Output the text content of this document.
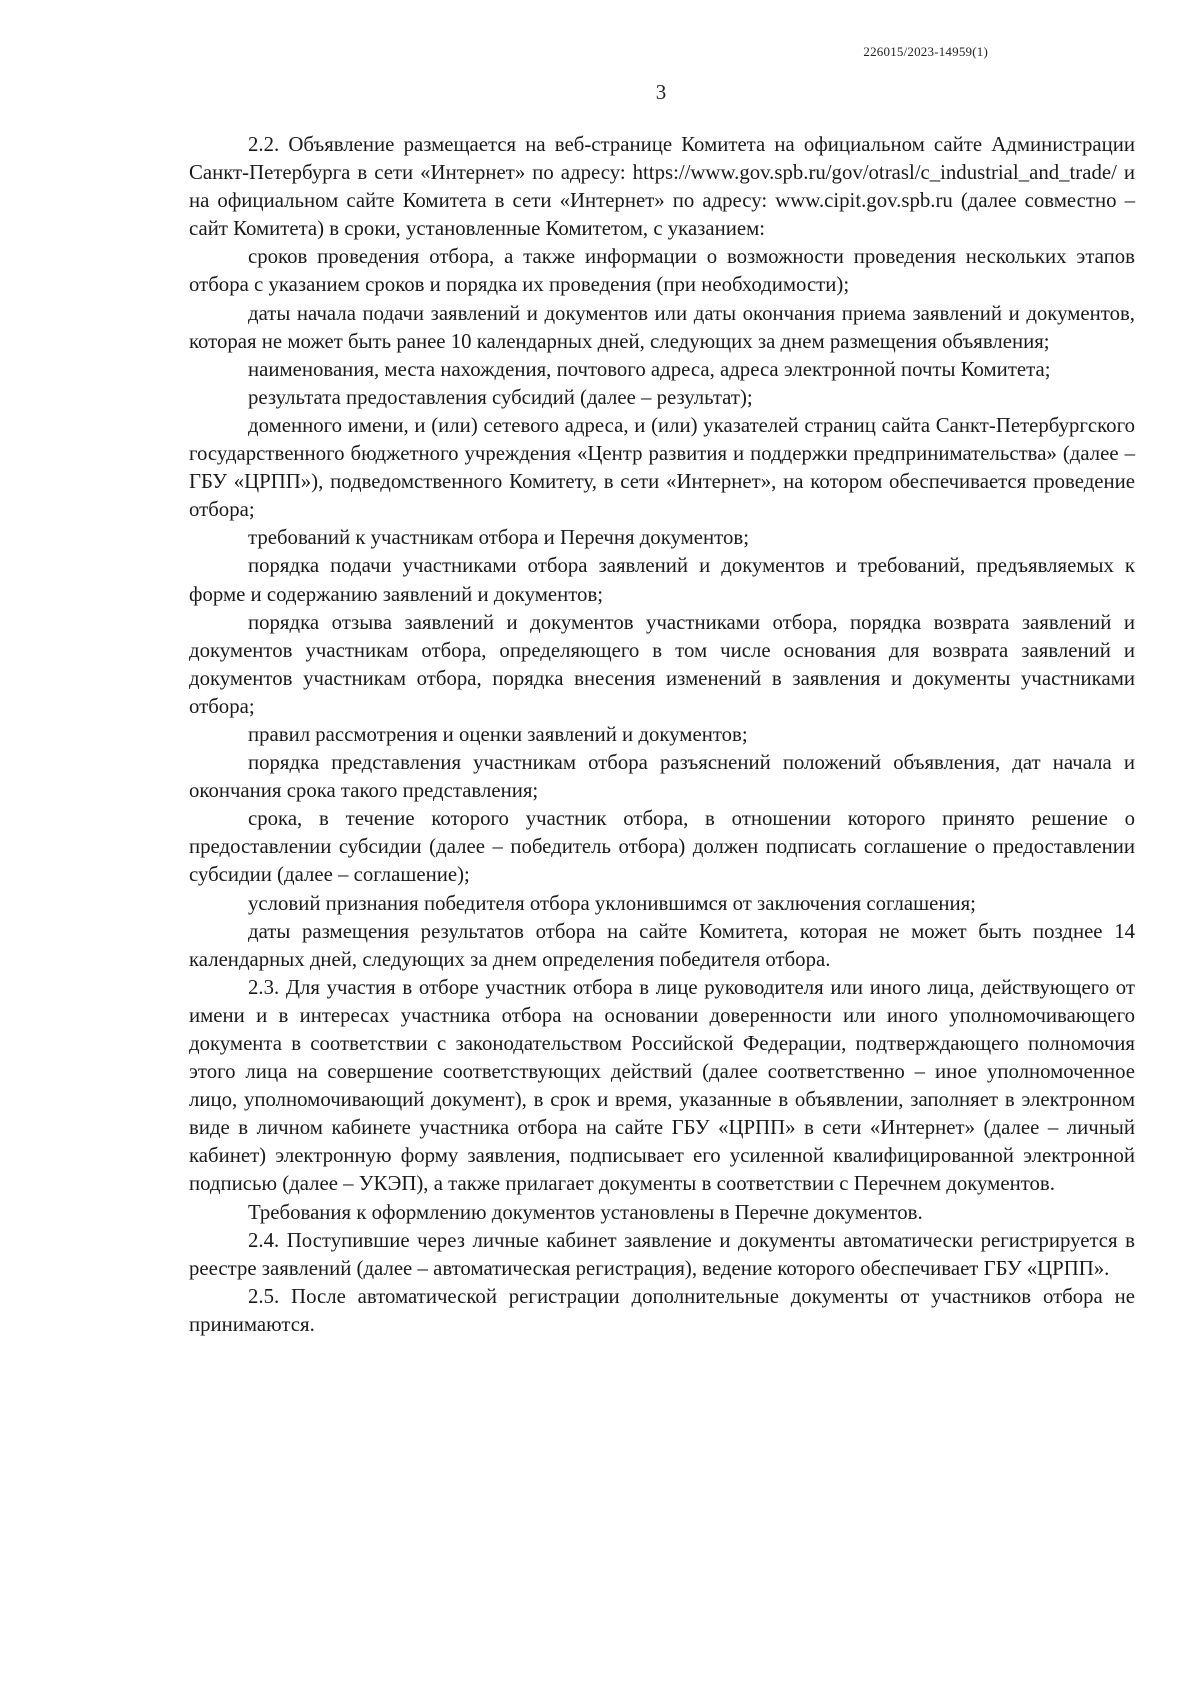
226015/2023-14959(1)
3

2.2. Объявление размещается на веб-странице Комитета на официальном сайте Администрации Санкт-Петербурга в сети «Интернет» по адресу: https://www.gov.spb.ru/gov/otrasl/c_industrial_and_trade/ и на официальном сайте Комитета в сети «Интернет» по адресу: www.cipit.gov.spb.ru (далее совместно – сайт Комитета) в сроки, установленные Комитетом, с указанием:

сроков проведения отбора, а также информации о возможности проведения нескольких этапов отбора с указанием сроков и порядка их проведения (при необходимости);

даты начала подачи заявлений и документов или даты окончания приема заявлений и документов, которая не может быть ранее 10 календарных дней, следующих за днем размещения объявления;

наименования, места нахождения, почтового адреса, адреса электронной почты Комитета;

результата предоставления субсидий (далее – результат);

доменного имени, и (или) сетевого адреса, и (или) указателей страниц сайта Санкт-Петербургского государственного бюджетного учреждения «Центр развития и поддержки предпринимательства» (далее – ГБУ «ЦРПП»), подведомственного Комитету, в сети «Интернет», на котором обеспечивается проведение отбора;

требований к участникам отбора и Перечня документов;

порядка подачи участниками отбора заявлений и документов и требований, предъявляемых к форме и содержанию заявлений и документов;

порядка отзыва заявлений и документов участниками отбора, порядка возврата заявлений и документов участникам отбора, определяющего в том числе основания для возврата заявлений и документов участникам отбора, порядка внесения изменений в заявления и документы участниками отбора;

правил рассмотрения и оценки заявлений и документов;

порядка представления участникам отбора разъяснений положений объявления, дат начала и окончания срока такого представления;

срока, в течение которого участник отбора, в отношении которого принято решение о предоставлении субсидии (далее – победитель отбора) должен подписать соглашение о предоставлении субсидии (далее – соглашение);

условий признания победителя отбора уклонившимся от заключения соглашения;

даты размещения результатов отбора на сайте Комитета, которая не может быть позднее 14 календарных дней, следующих за днем определения победителя отбора.

2.3. Для участия в отборе участник отбора в лице руководителя или иного лица, действующего от имени и в интересах участника отбора на основании доверенности или иного уполномочивающего документа в соответствии с законодательством Российской Федерации, подтверждающего полномочия этого лица на совершение соответствующих действий (далее соответственно – иное уполномоченное лицо, уполномочивающий документ), в срок и время, указанные в объявлении, заполняет в электронном виде в личном кабинете участника отбора на сайте ГБУ «ЦРПП» в сети «Интернет» (далее – личный кабинет) электронную форму заявления, подписывает его усиленной квалифицированной электронной подписью (далее – УКЭП), а также прилагает документы в соответствии с Перечнем документов.

Требования к оформлению документов установлены в Перечне документов.

2.4. Поступившие через личные кабинет заявление и документы автоматически регистрируется в реестре заявлений (далее – автоматическая регистрация), ведение которого обеспечивает ГБУ «ЦРПП».

2.5. После автоматической регистрации дополнительные документы от участников отбора не принимаются.
